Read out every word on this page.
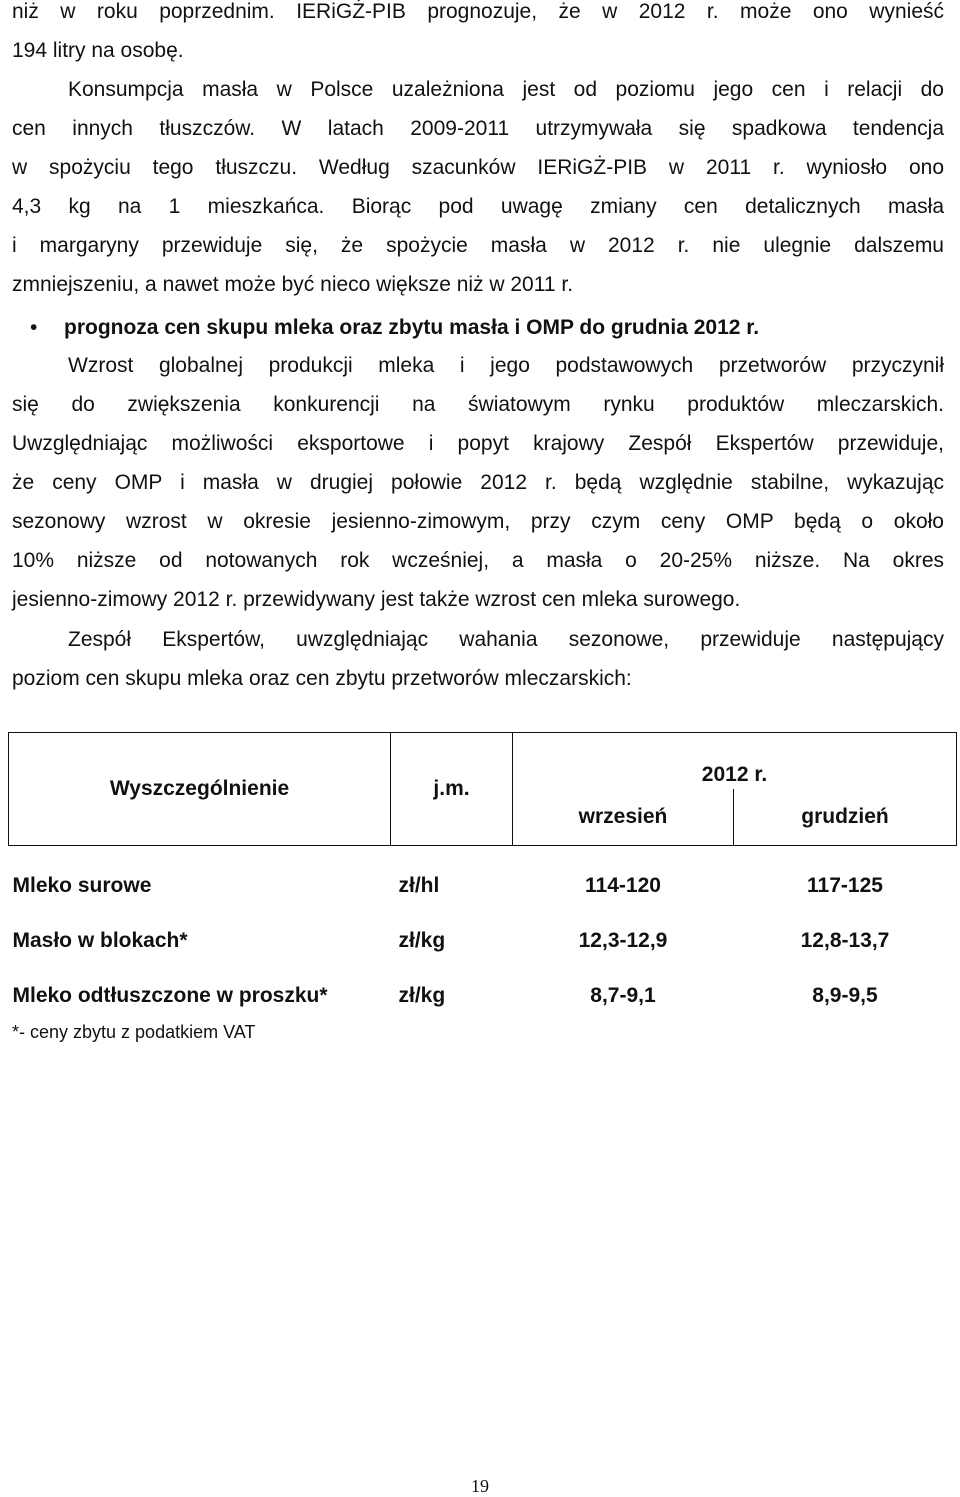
niż w roku poprzednim. IERiGŻ-PIB prognozuje, że w 2012 r. może ono wynieść
194 litry na osobę.
Konsumpcja masła w Polsce uzależniona jest od poziomu jego cen i relacji do
cen innych tłuszczów. W latach 2009-2011 utrzymywała się spadkowa tendencja
w spożyciu tego tłuszczu. Według szacunków IERiGŻ-PIB w 2011 r. wyniosło ono
4,3 kg na 1 mieszkańca. Biorąc pod uwagę zmiany cen detalicznych masła
i margaryny przewiduje się, że spożycie masła w 2012 r. nie ulegnie dalszemu
zmniejszeniu, a nawet może być nieco większe niż w 2011 r.
• prognoza cen skupu mleka oraz zbytu masła i OMP do grudnia 2012 r.
Wzrost globalnej produkcji mleka i jego podstawowych przetworów przyczynił
się do zwiększenia konkurencji na światowym rynku produktów mleczarskich.
Uwzględniając możliwości eksportowe i popyt krajowy Zespół Ekspertów przewiduje,
że ceny OMP i masła w drugiej połowie 2012 r. będą względnie stabilne, wykazując
sezonowy wzrost w okresie jesienno-zimowym, przy czym ceny OMP będą o około
10% niższe od notowanych rok wcześniej, a masła o 20-25% niższe. Na okres
jesienno-zimowy 2012 r. przewidywany jest także wzrost cen mleka surowego.
Zespół Ekspertów, uwzględniając wahania sezonowe, przewiduje następujący
poziom cen skupu mleka oraz cen zbytu przetworów mleczarskich:
Wyszczególnienie	j.m.	2012 r.	
		wrzesień	grudzień

Mleko surowe	zł/hl	114-120	117-125
Masło w blokach*	zł/kg	12,3-12,9	12,8-13,7
Mleko odtłuszczone w proszku*	zł/kg	8,7-9,1	8,9-9,5
*- ceny zbytu z podatkiem VAT
19
